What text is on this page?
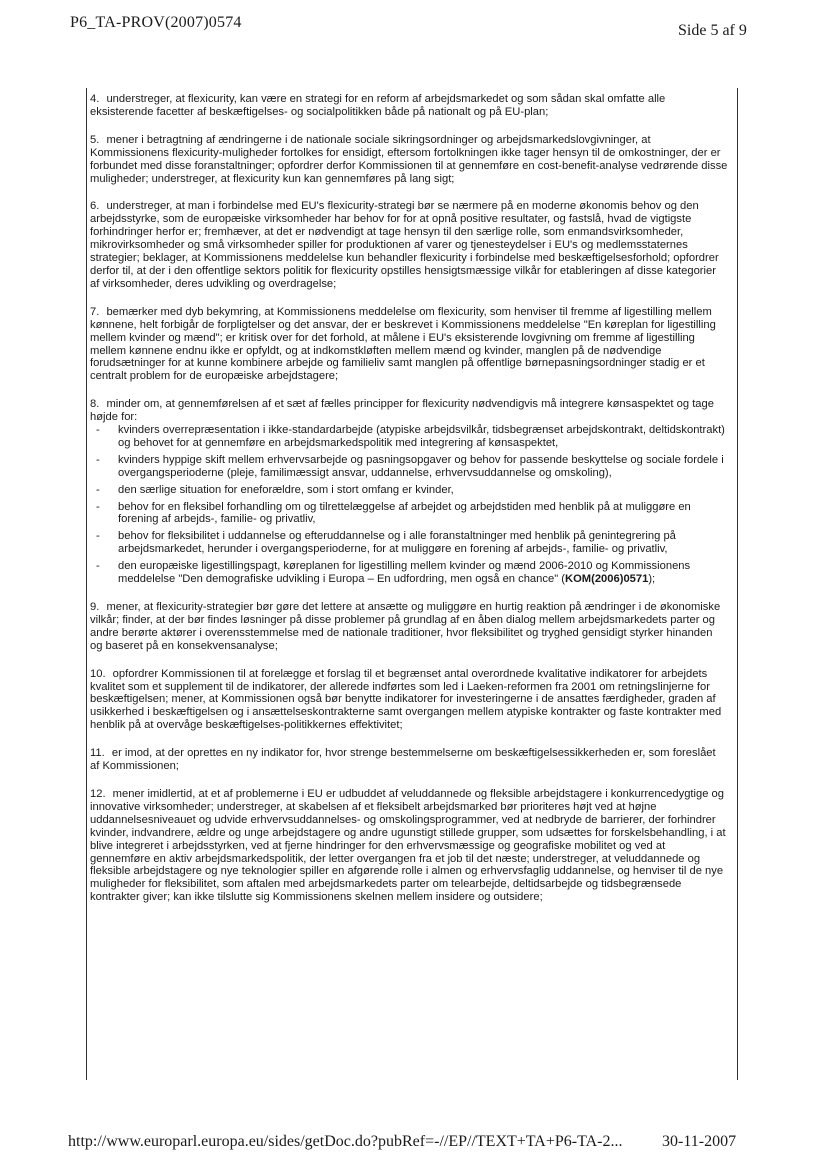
P6_TA-PROV(2007)0574	Side 5 af 9

4. understreger, at flexicurity, kan være en strategi for en reform af arbejdsmarkedet og som sådan skal omfatte alle eksisterende facetter af beskæftigelses- og socialpolitikken både på nationalt og på EU-plan;

5. mener i betragtning af ændringerne i de nationale sociale sikringsordninger og arbejdsmarkedslovgivninger, at Kommissionens flexicurity-muligheder fortolkes for ensidigt, eftersom fortolkningen ikke tager hensyn til de omkostninger, der er forbundet med disse foranstaltninger; opfordrer derfor Kommissionen til at gennemføre en cost-benefit-analyse vedrørende disse muligheder; understreger, at flexicurity kun kan gennemføres på lang sigt;

6. understreger, at man i forbindelse med EU's flexicurity-strategi bør se nærmere på en moderne økonomis behov og den arbejdsstyrke, som de europæiske virksomheder har behov for for at opnå positive resultater, og fastslå, hvad de vigtigste forhindringer herfor er; fremhæver, at det er nødvendigt at tage hensyn til den særlige rolle, som enmandsvirksomheder, mikrovirksomheder og små virksomheder spiller for produktionen af varer og tjenesteydelser i EU's og medlemsstaternes strategier; beklager, at Kommissionens meddelelse kun behandler flexicurity i forbindelse med beskæftigelsesforhold; opfordrer derfor til, at der i den offentlige sektors politik for flexicurity opstilles hensigtsmæssige vilkår for etableringen af disse kategorier af virksomheder, deres udvikling og overdragelse;

7. bemærker med dyb bekymring, at Kommissionens meddelelse om flexicurity, som henviser til fremme af ligestilling mellem kønnene, helt forbigår de forpligtelser og det ansvar, der er beskrevet i Kommissionens meddelelse "En køreplan for ligestilling mellem kvinder og mænd"; er kritisk over for det forhold, at målene i EU's eksisterende lovgivning om fremme af ligestilling mellem kønnene endnu ikke er opfyldt, og at indkomstkløften mellem mænd og kvinder, manglen på de nødvendige forudsætninger for at kunne kombinere arbejde og familieliv samt manglen på offentlige børnepasningsordninger stadig er et centralt problem for de europæiske arbejdstagere;

8. minder om, at gennemførelsen af et sæt af fælles principper for flexicurity nødvendigvis må integrere kønsaspektet og tage højde for:
- kvinders overrepræsentation i ikke-standardarbejde (atypiske arbejdsvilkår, tidsbegrænset arbejdskontrakt, deltidskontrakt) og behovet for at gennemføre en arbejdsmarkedspolitik med integrering af kønsaspektet,
- kvinders hyppige skift mellem erhvervsarbejde og pasningsopgaver og behov for passende beskyttelse og sociale fordele i overgangsperioderne (pleje, familimæssigt ansvar, uddannelse, erhvervsuddannelse og omskoling),
- den særlige situation for eneforældre, som i stort omfang er kvinder,
- behov for en fleksibel forhandling om og tilrettelæggelse af arbejdet og arbejdstiden med henblik på at muliggøre en forening af arbejds-, familie- og privatliv,
- behov for fleksibilitet i uddannelse og efteruddannelse og i alle foranstaltninger med henblik på genintegrering på arbejdsmarkedet, herunder i overgangsperioderne, for at muliggøre en forening af arbejds-, familie- og privatliv,
- den europæiske ligestillingspagt, køreplanen for ligestilling mellem kvinder og mænd 2006-2010 og Kommissionens meddelelse "Den demografiske udvikling i Europa – En udfordring, men også en chance" (KOM(2006)0571);

9. mener, at flexicurity-strategier bør gøre det lettere at ansætte og muliggøre en hurtig reaktion på ændringer i de økonomiske vilkår; finder, at der bør findes løsninger på disse problemer på grundlag af en åben dialog mellem arbejdsmarkedets parter og andre berørte aktører i overensstemmelse med de nationale traditioner, hvor fleksibilitet og tryghed gensidigt styrker hinanden og baseret på en konsekvensanalyse;

10. opfordrer Kommissionen til at forelægge et forslag til et begrænset antal overordnede kvalitative indikatorer for arbejdets kvalitet som et supplement til de indikatorer, der allerede indførtes som led i Laeken-reformen fra 2001 om retningslinjerne for beskæftigelsen; mener, at Kommissionen også bør benytte indikatorer for investeringerne i de ansattes færdigheder, graden af usikkerhed i beskæftigelsen og i ansættelseskontrakterne samt overgangen mellem atypiske kontrakter og faste kontrakter med henblik på at overvåge beskæftigelses-politikkernes effektivitet;

11. er imod, at der oprettes en ny indikator for, hvor strenge bestemmelserne om beskæftigelsessikkerheden er, som foreslået af Kommissionen;

12. mener imidlertid, at et af problemerne i EU er udbuddet af veluddannede og fleksible arbejdstagere i konkurrencedygtige og innovative virksomheder; understreger, at skabelsen af et fleksibelt arbejdsmarked bør prioriteres højt ved at højne uddannelsesniveauet og udvide erhvervsuddannelses- og omskolingsprogrammer, ved at nedbryde de barrierer, der forhindrer kvinder, indvandrere, ældre og unge arbejdstagere og andre ugunstigt stillede grupper, som udsættes for forskelsbehandling, i at blive integreret i arbejdsstyrken, ved at fjerne hindringer for den erhvervsmæssige og geografiske mobilitet og ved at gennemføre en aktiv arbejdsmarkedspolitik, der letter overgangen fra et job til det næste; understreger, at veluddannede og fleksible arbejdstagere og nye teknologier spiller en afgørende rolle i almen og erhvervsfaglig uddannelse, og henviser til de nye muligheder for fleksibilitet, som aftalen med arbejdsmarkedets parter om telearbejde, deltidsarbejde og tidsbegrænsede kontrakter giver; kan ikke tilslutte sig Kommissionens skelnen mellem insidere og outsidere;

http://www.europarl.europa.eu/sides/getDoc.do?pubRef=-//EP//TEXT+TA+P6-TA-2... 30-11-2007
